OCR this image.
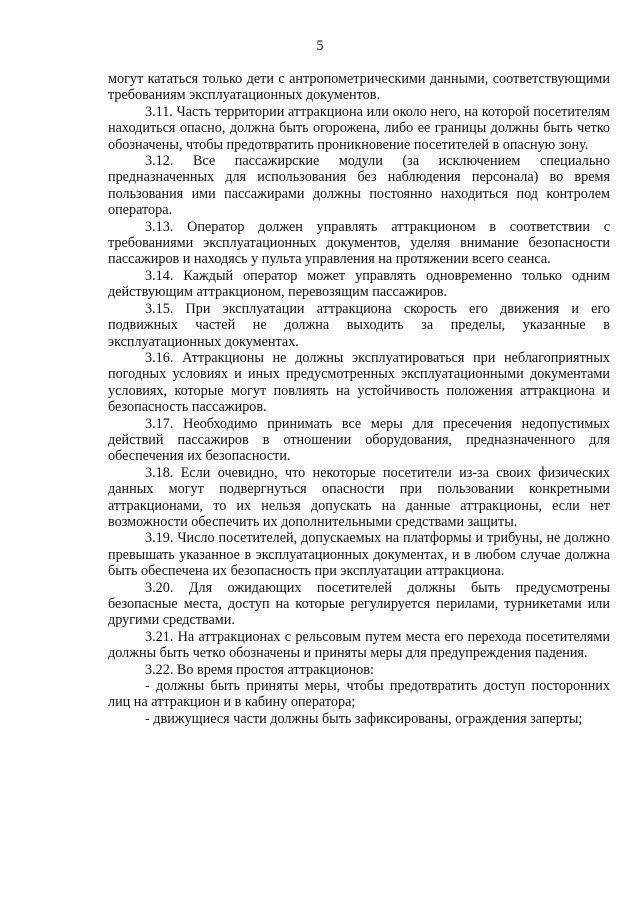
5

могут кататься только дети с антропометрическими данными, соответствующими требованиям эксплуатационных документов.

3.11. Часть территории аттракциона или около него, на которой посетителям находиться опасно, должна быть огорожена, либо ее границы должны быть четко обозначены, чтобы предотвратить проникновение посетителей в опасную зону.

3.12. Все пассажирские модули (за исключением специально предназначенных для использования без наблюдения персонала) во время пользования ими пассажирами должны постоянно находиться под контролем оператора.

3.13. Оператор должен управлять аттракционом в соответствии с требованиями эксплуатационных документов, уделяя внимание безопасности пассажиров и находясь у пульта управления на протяжении всего сеанса.

3.14. Каждый оператор может управлять одновременно только одним действующим аттракционом, перевозящим пассажиров.

3.15. При эксплуатации аттракциона скорость его движения и его подвижных частей не должна выходить за пределы, указанные в эксплуатационных документах.

3.16. Аттракционы не должны эксплуатироваться при неблагоприятных погодных условиях и иных предусмотренных эксплуатационными документами условиях, которые могут повлиять на устойчивость положения аттракциона и безопасность пассажиров.

3.17. Необходимо принимать все меры для пресечения недопустимых действий пассажиров в отношении оборудования, предназначенного для обеспечения их безопасности.

3.18. Если очевидно, что некоторые посетители из-за своих физических данных могут подвергнуться опасности при пользовании конкретными аттракционами, то их нельзя допускать на данные аттракционы, если нет возможности обеспечить их дополнительными средствами защиты.

3.19. Число посетителей, допускаемых на платформы и трибуны, не должно превышать указанное в эксплуатационных документах, и в любом случае должна быть обеспечена их безопасность при эксплуатации аттракциона.

3.20. Для ожидающих посетителей должны быть предусмотрены безопасные места, доступ на которые регулируется перилами, турникетами или другими средствами.

3.21. На аттракционах с рельсовым путем места его перехода посетителями должны быть четко обозначены и приняты меры для предупреждения падения.

3.22. Во время простоя аттракционов:

- должны быть приняты меры, чтобы предотвратить доступ посторонних лиц на аттракцион и в кабину оператора;

- движущиеся части должны быть зафиксированы, ограждения заперты;
